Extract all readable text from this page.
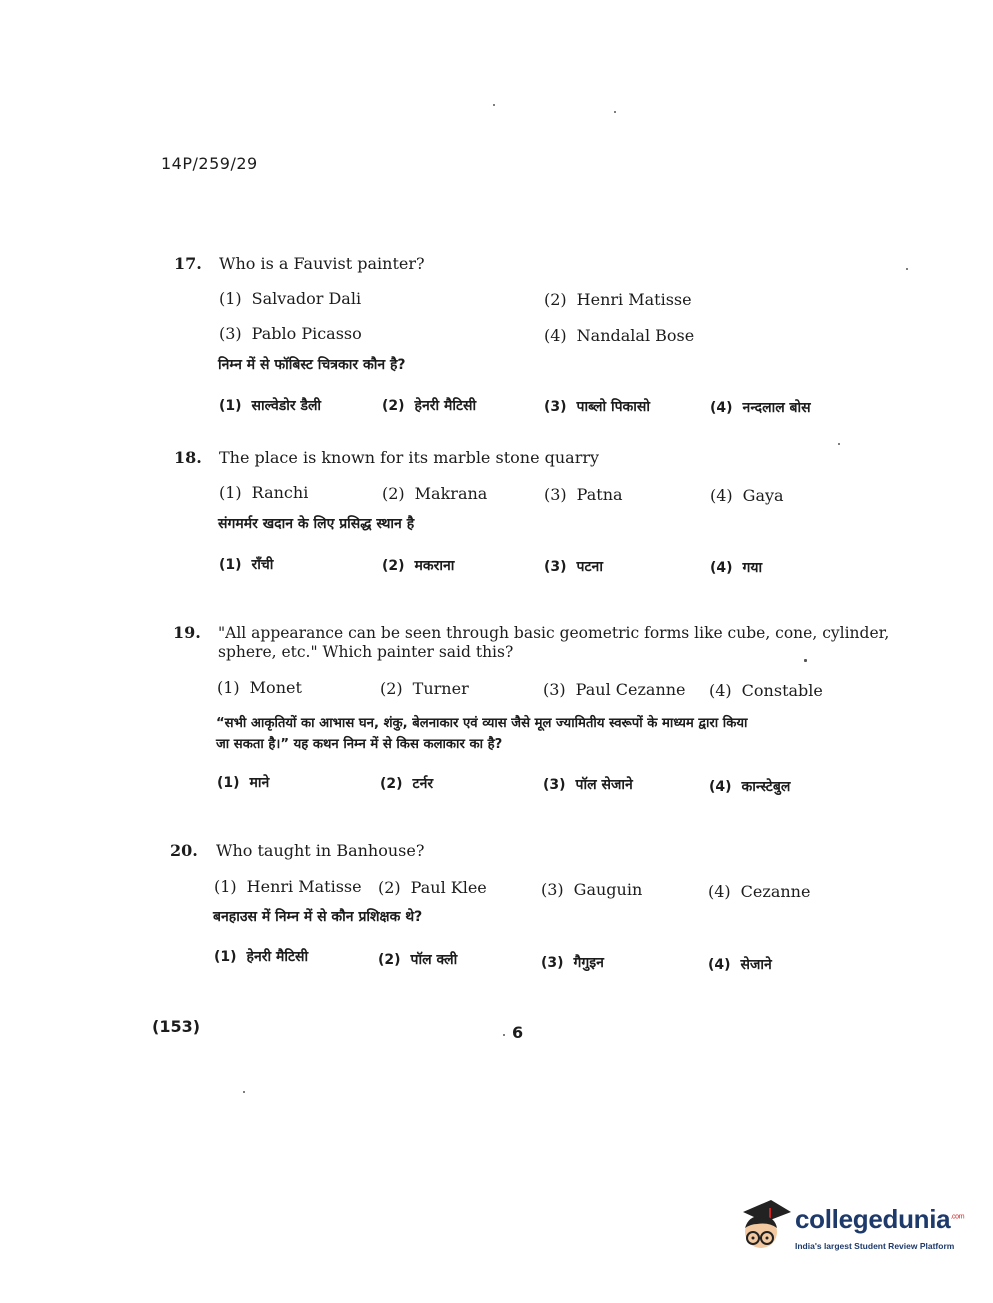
14P/259/29
17. Who is a Fauvist painter?
(1) Salvador Dali	(2) Henri Matisse
(3) Pablo Picasso	(4) Nandalal Bose
निम्न में से फॉबिस्ट चित्रकार कौन है?
(1) साल्वेडोर डैली	(2) हेनरी मैटिसी	(3) पाब्लो पिकासो	(4) नन्दलाल बोस
18. The place is known for its marble stone quarry
(1) Ranchi	(2) Makrana	(3) Patna	(4) Gaya
संगमर्मर खदान के लिए प्रसिद्ध स्थान है
(1) राँची	(2) मकराना	(3) पटना	(4) गया
19. "All appearance can be seen through basic geometric forms like cube, cone, cylinder,
sphere, etc." Which painter said this?
(1) Monet	(2) Turner	(3) Paul Cezanne (4) Constable
“सभी आकृतियों का आभास घन, शंकु, बेलनाकार एवं व्यास जैसे मूल ज्यामितीय स्वरूपों के माध्यम द्वारा किया
जा सकता है।” यह कथन निम्न में से किस कलाकार का है?
(1) माने	(2) टर्नर	(3) पॉल सेजाने	(4) कान्स्टेबुल
20. Who taught in Banhouse?
(1) Henri Matisse (2) Paul Klee	(3) Gauguin	(4) Cezanne
बनहाउस में निम्न में से कौन प्रशिक्षक थे?
(1) हेनरी मैटिसी	(2) पॉल क्ली	(3) गैगुइन	(4) सेजाने
(153)	6
collegedunia$^{.com}$
India's largest Student Review Platform
